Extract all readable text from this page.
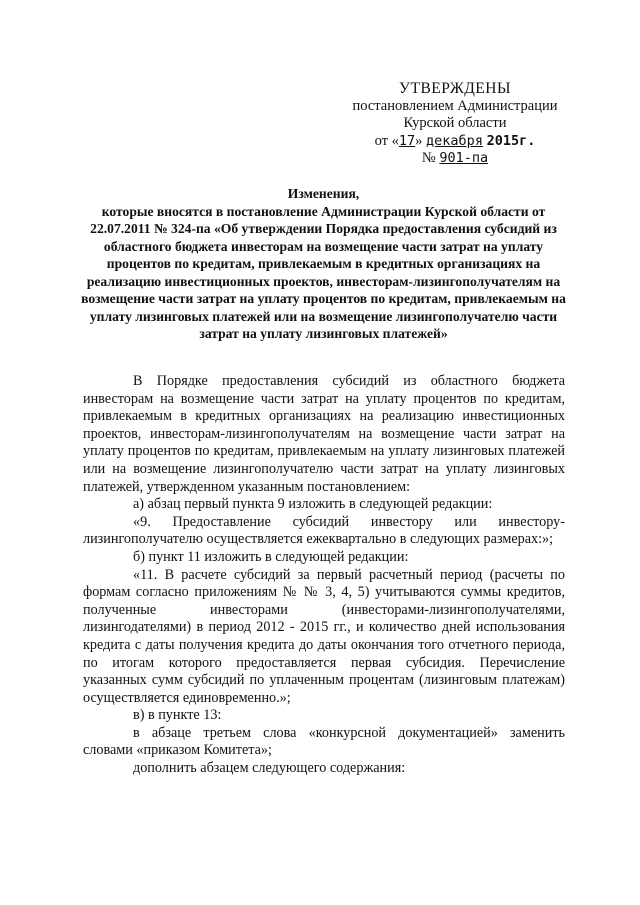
УТВЕРЖДЕНЫ
постановлением Администрации
Курской области
от «17» декабря 2015г.
№ 901-па
Изменения,
которые вносятся в постановление Администрации Курской области от 22.07.2011 № 324-па «Об утверждении Порядка предоставления субсидий из областного бюджета инвесторам на возмещение части затрат на уплату процентов по кредитам, привлекаемым в кредитных организациях на реализацию инвестиционных проектов, инвесторам-лизингополучателям на возмещение части затрат на уплату процентов по кредитам, привлекаемым на уплату лизинговых платежей или на возмещение лизингополучателю части затрат на уплату лизинговых платежей»

В Порядке предоставления субсидий из областного бюджета инвесторам на возмещение части затрат на уплату процентов по кредитам, привлекаемым в кредитных организациях на реализацию инвестиционных проектов, инвесторам-лизингополучателям на возмещение части затрат на уплату процентов по кредитам, привлекаемым на уплату лизинговых платежей или на возмещение лизингополучателю части затрат на уплату лизинговых платежей, утвержденном указанным постановлением:

а) абзац первый пункта 9 изложить в следующей редакции:

«9. Предоставление субсидий инвестору или инвестору-лизингополучателю осуществляется ежеквартально в следующих размерах:»;

б) пункт 11 изложить в следующей редакции:

«11. В расчете субсидий за первый расчетный период (расчеты по формам согласно приложениям № № 3, 4, 5) учитываются суммы кредитов, полученные инвесторами (инвесторами-лизингополучателями, лизингодателями) в период 2012 - 2015 гг., и количество дней использования кредита с даты получения кредита до даты окончания того отчетного периода, по итогам которого предоставляется первая субсидия. Перечисление указанных сумм субсидий по уплаченным процентам (лизинговым платежам) осуществляется единовременно.»;

в) в пункте 13:

в абзаце третьем слова «конкурсной документацией» заменить словами «приказом Комитета»;

дополнить абзацем следующего содержания:
